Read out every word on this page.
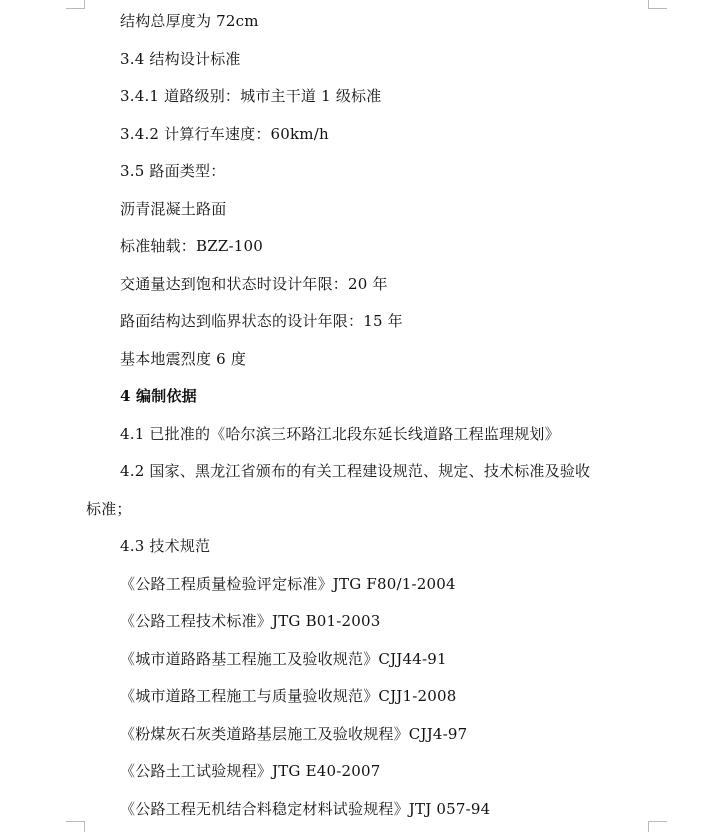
结构总厚度为 72cm
3.4 结构设计标准
3.4.1 道路级别：城市主干道 1 级标准
3.4.2 计算行车速度：60km/h
3.5 路面类型：
沥青混凝土路面
标准轴载：BZZ-100
交通量达到饱和状态时设计年限：20 年
路面结构达到临界状态的设计年限：15 年
基本地震烈度 6 度
4 编制依据
4.1 已批准的《哈尔滨三环路江北段东延长线道路工程监理规划》
4.2 国家、黑龙江省颁布的有关工程建设规范、规定、技术标准及验收
标准；
4.3 技术规范
《公路工程质量检验评定标准》JTG F80/1-2004
《公路工程技术标准》JTG B01-2003
《城市道路路基工程施工及验收规范》CJJ44-91
《城市道路工程施工与质量验收规范》CJJ1-2008
《粉煤灰石灰类道路基层施工及验收规程》CJJ4-97
《公路土工试验规程》JTG E40-2007
《公路工程无机结合料稳定材料试验规程》JTJ 057-94
